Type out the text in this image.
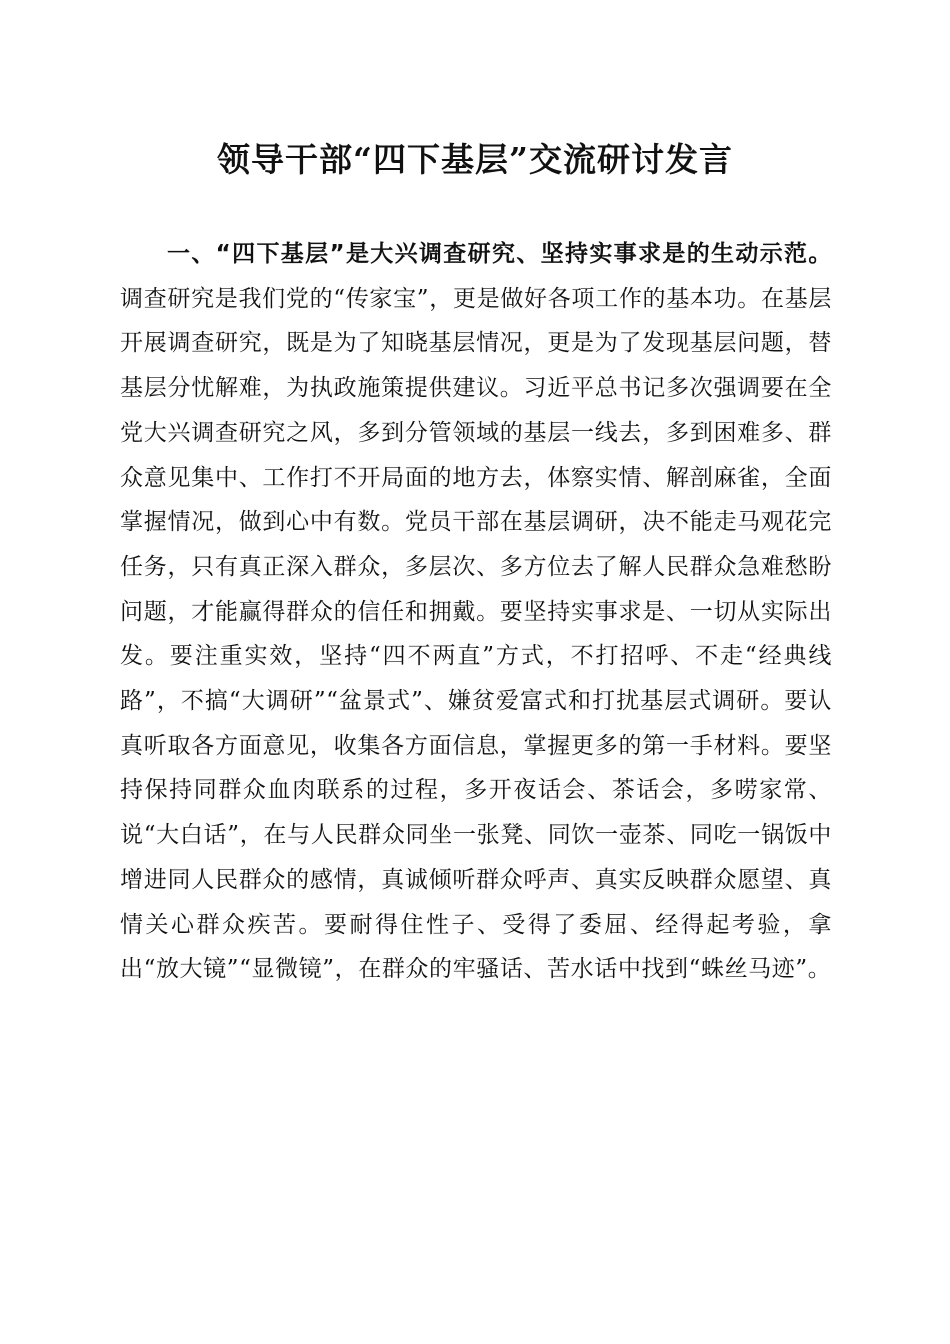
领导干部“四下基层”交流研讨发言

一、“四下基层”是大兴调查研究、坚持实事求是的生动示范。调查研究是我们党的“传家宝”，更是做好各项工作的基本功。在基层开展调查研究，既是为了知晓基层情况，更是为了发现基层问题，替基层分忧解难，为执政施策提供建议。习近平总书记多次强调要在全党大兴调查研究之风，多到分管领域的基层一线去，多到困难多、群众意见集中、工作打不开局面的地方去，体察实情、解剖麻雀，全面掌握情况，做到心中有数。党员干部在基层调研，决不能走马观花完任务，只有真正深入群众，多层次、多方位去了解人民群众急难愁盼问题，才能赢得群众的信任和拥戴。要坚持实事求是、一切从实际出发。要注重实效，坚持“四不两直”方式，不打招呼、不走“经典线路”，不搞“大调研”“盆景式”、嫌贫爱富式和打扰基层式调研。要认真听取各方面意见，收集各方面信息，掌握更多的第一手材料。要坚持保持同群众血肉联系的过程，多开夜话会、茶话会，多唠家常、说“大白话”，在与人民群众同坐一张凳、同饮一壶茶、同吃一锅饭中增进同人民群众的感情，真诚倾听群众呼声、真实反映群众愿望、真情关心群众疾苦。要耐得住性子、受得了委屈、经得起考验，拿出“放大镜”“显微镜”，在群众的牢骚话、苦水话中找到“蛛丝马迹”。
